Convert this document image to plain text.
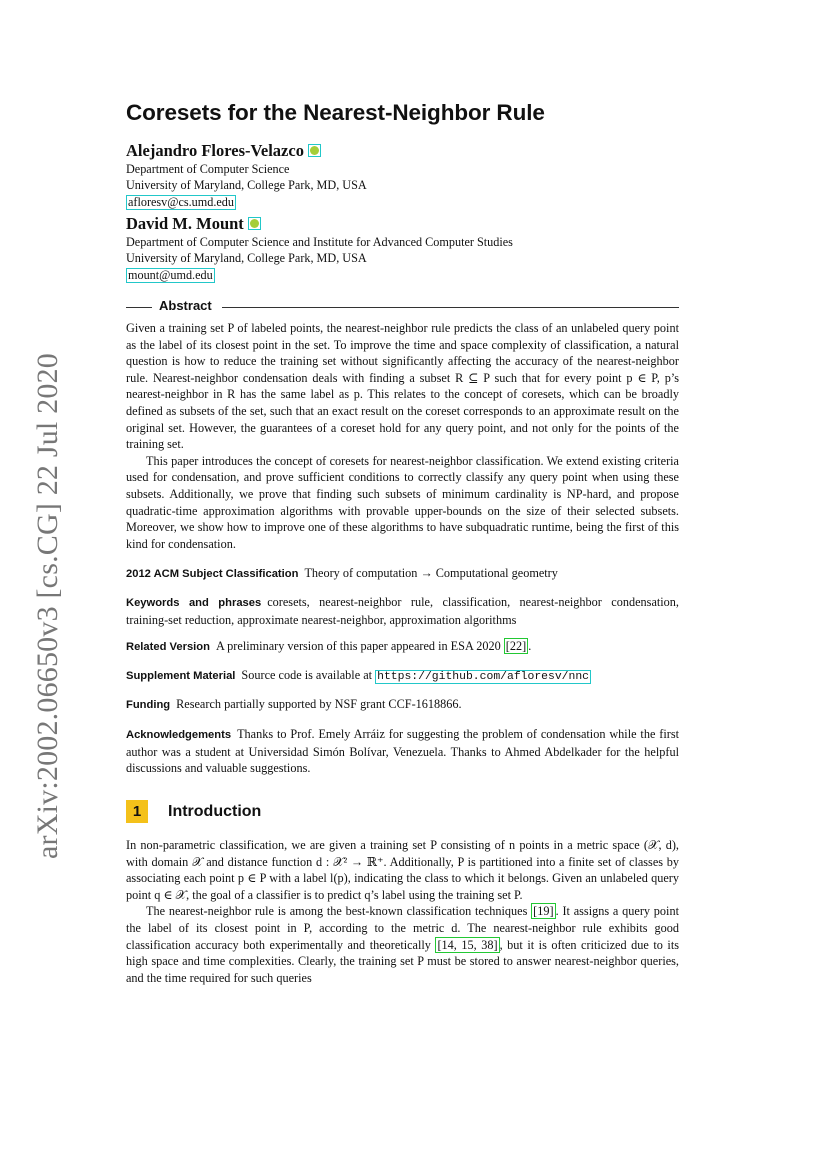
arXiv:2002.06650v3 [cs.CG] 22 Jul 2020
Coresets for the Nearest-Neighbor Rule
Alejandro Flores-Velazco
Department of Computer Science
University of Maryland, College Park, MD, USA
afloresv@cs.umd.edu
David M. Mount
Department of Computer Science and Institute for Advanced Computer Studies
University of Maryland, College Park, MD, USA
mount@umd.edu
Abstract

Given a training set P of labeled points, the nearest-neighbor rule predicts the class of an unlabeled query point as the label of its closest point in the set. To improve the time and space complexity of classification, a natural question is how to reduce the training set without significantly affecting the accuracy of the nearest-neighbor rule. Nearest-neighbor condensation deals with finding a subset R ⊆ P such that for every point p ∈ P, p’s nearest-neighbor in R has the same label as p. This relates to the concept of coresets, which can be broadly defined as subsets of the set, such that an exact result on the coreset corresponds to an approximate result on the original set. However, the guarantees of a coreset hold for any query point, and not only for the points of the training set.

This paper introduces the concept of coresets for nearest-neighbor classification. We extend existing criteria used for condensation, and prove sufficient conditions to correctly classify any query point when using these subsets. Additionally, we prove that finding such subsets of minimum cardinality is NP-hard, and propose quadratic-time approximation algorithms with provable upper-bounds on the size of their selected subsets. Moreover, we show how to improve one of these algorithms to have subquadratic runtime, being the first of this kind for condensation.

2012 ACM Subject Classification Theory of computation → Computational geometry
Keywords and phrases coresets, nearest-neighbor rule, classification, nearest-neighbor condensation, training-set reduction, approximate nearest-neighbor, approximation algorithms
Related Version A preliminary version of this paper appeared in ESA 2020 [22] .
Supplement Material Source code is available at https://github.com/afloresv/nnc
Funding Research partially supported by NSF grant CCF-1618866.
Acknowledgements Thanks to Prof. Emely Arráiz for suggesting the problem of condensation while the first author was a student at Universidad Simón Bolívar, Venezuela. Thanks to Ahmed Abdelkader for the helpful discussions and valuable suggestions.
1	Introduction

In non-parametric classification, we are given a training set P consisting of n points in a metric space (𝒳, d), with domain 𝒳 and distance function d : 𝒳² → ℝ⁺. Additionally, P is partitioned into a finite set of classes by associating each point p ∈ P with a label l(p), indicating the class to which it belongs. Given an unlabeled query point q ∈ 𝒳, the goal of a classifier is to predict q’s label using the training set P.

The nearest-neighbor rule is among the best-known classification techniques [19] . It assigns a query point the label of its closest point in P, according to the metric d. The nearest-neighbor rule exhibits good classification accuracy both experimentally and theoretically [14, 15, 38] , but it is often criticized due to its high space and time complexities. Clearly, the training set P must be stored to answer nearest-neighbor queries, and the time required for such queries
